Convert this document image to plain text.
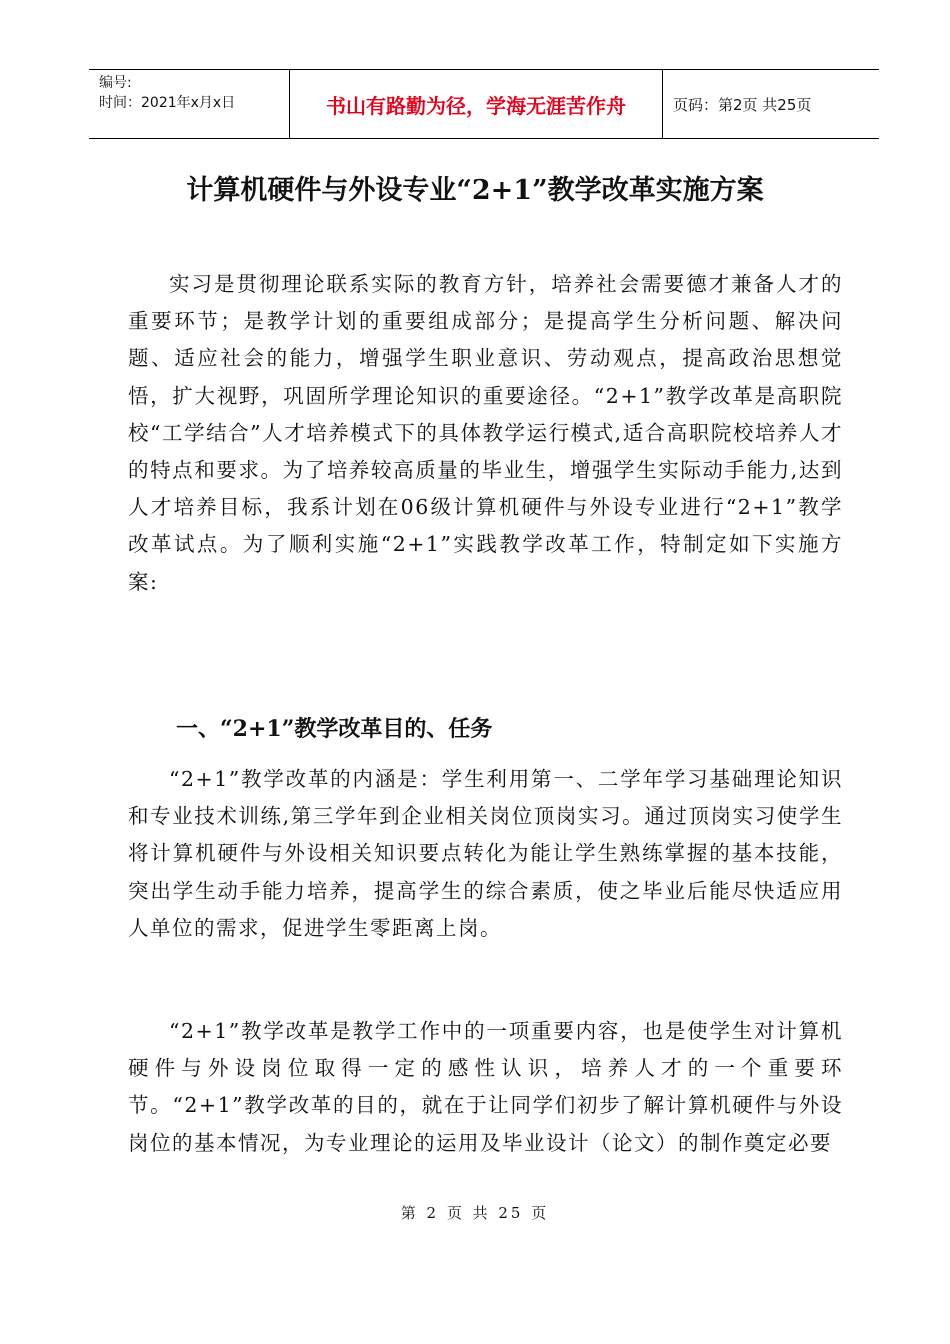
编号:
时间：2021年x月x日	书山有路勤为径，学海无涯苦作舟	页码：第2页 共25页
计算机硬件与外设专业“2+1”教学改革实施方案

实习是贯彻理论联系实际的教育方针，培养社会需要德才兼备人才的重要环节；是教学计划的重要组成部分；是提高学生分析问题、解决问题、适应社会的能力，增强学生职业意识、劳动观点，提高政治思想觉悟，扩大视野，巩固所学理论知识的重要途径。“2+1”教学改革是高职院校“工学结合”人才培养模式下的具体教学运行模式,适合高职院校培养人才的特点和要求。为了培养较高质量的毕业生，增强学生实际动手能力,达到人才培养目标，我系计划在06级计算机硬件与外设专业进行“2+1”教学改革试点。为了顺利实施“2+1”实践教学改革工作，特制定如下实施方案:

一、“2+1”教学改革目的、任务

“2+1”教学改革的内涵是：学生利用第一、二学年学习基础理论知识和专业技术训练,第三学年到企业相关岗位顶岗实习。通过顶岗实习使学生将计算机硬件与外设相关知识要点转化为能让学生熟练掌握的基本技能，突出学生动手能力培养，提高学生的综合素质，使之毕业后能尽快适应用人单位的需求，促进学生零距离上岗。

“2+1”教学改革是教学工作中的一项重要内容，也是使学生对计算机硬件与外设岗位取得一定的感性认识，培养人才的一个重要环节。“2+1”教学改革的目的，就在于让同学们初步了解计算机硬件与外设岗位的基本情况，为专业理论的运用及毕业设计（论文）的制作奠定必要

第 2 页 共 25 页
